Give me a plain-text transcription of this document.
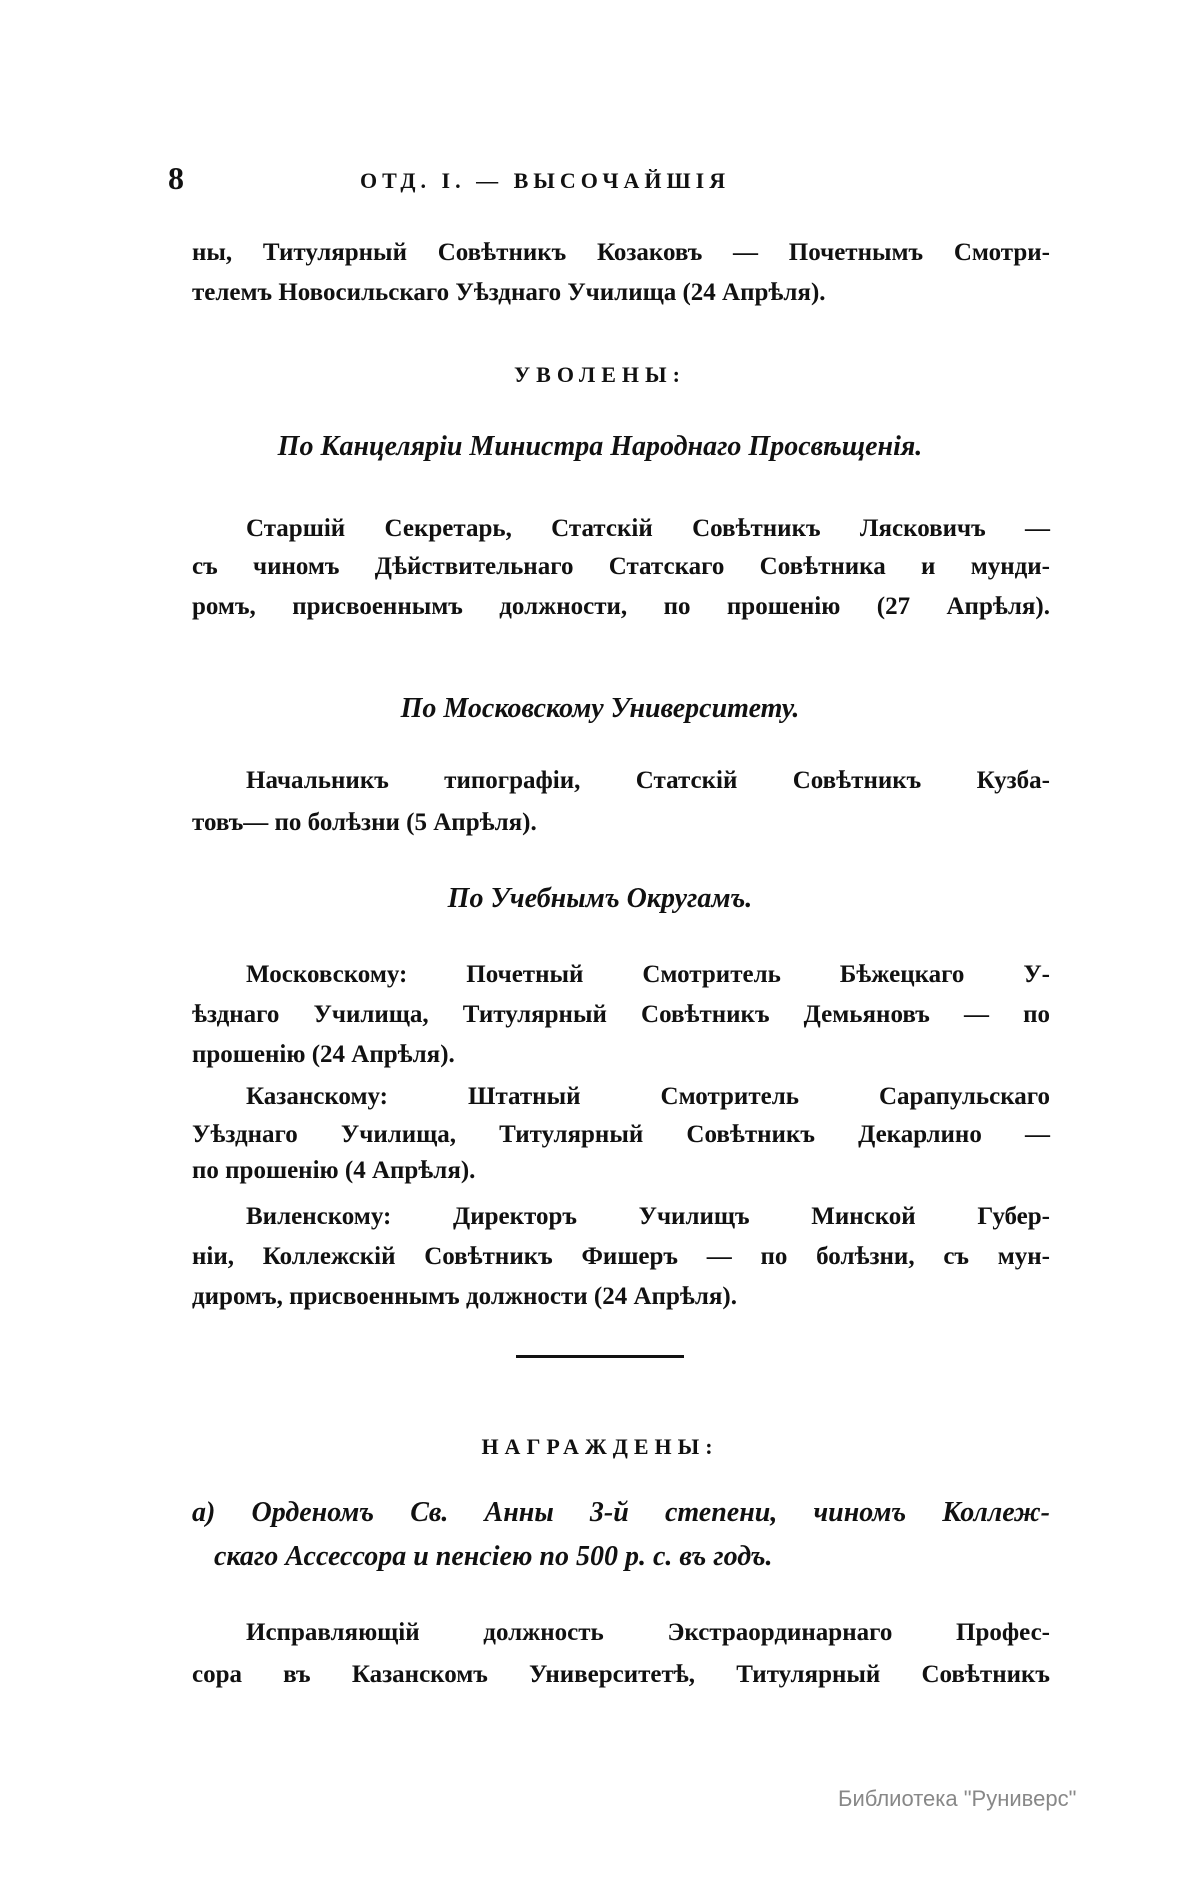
8	ОТД. I. — ВЫСОЧАЙШІЯ
ны, Титулярный Совѣтникъ Козаковъ — Почетнымъ Смотри-
телемъ Новосильскаго Уѣзднаго Училища (24 Апрѣля).
УВОЛЕНЫ:
По Канцеляріи Министра Народнаго Просвѣщенія.
Старшій Секретарь, Статскій Совѣтникъ Лясковичъ —
съ чиномъ Дѣйствительнаго Статскаго Совѣтника и мунди-
ромъ, присвоеннымъ должности, по прошенію (27 Апрѣля).
По Московскому Университету.
Начальникъ типографіи, Статскій Совѣтникъ Кузба-
товъ— по болѣзни (5 Апрѣля).
По Учебнымъ Округамъ.
Московскому: Почетный Смотритель Бѣжецкаго У-
ѣзднаго Училища, Титулярный Совѣтникъ Демьяновъ — по
прошенію (24 Апрѣля).
Казанскому: Штатный Смотритель Сарапульскаго
Уѣзднаго Училища, Титулярный Совѣтникъ Декарлино —
по прошенію (4 Апрѣля).
Виленскому: Директоръ Училищъ Минской Губер-
ніи, Коллежскій Совѣтникъ Фишеръ — по болѣзни, съ мун-
диромъ, присвоеннымъ должности (24 Апрѣля).
НАГРАЖДЕНЫ:
а) Орденомъ Св. Анны 3-й степени, чиномъ Коллеж-
скаго Ассессора и пенсіею по 500 р. с. въ годъ.
Исправляющій должность Экстраординарнаго Профес-
сора въ Казанскомъ Университетѣ, Титулярный Совѣтникъ
Библиотека "Руниверс"
